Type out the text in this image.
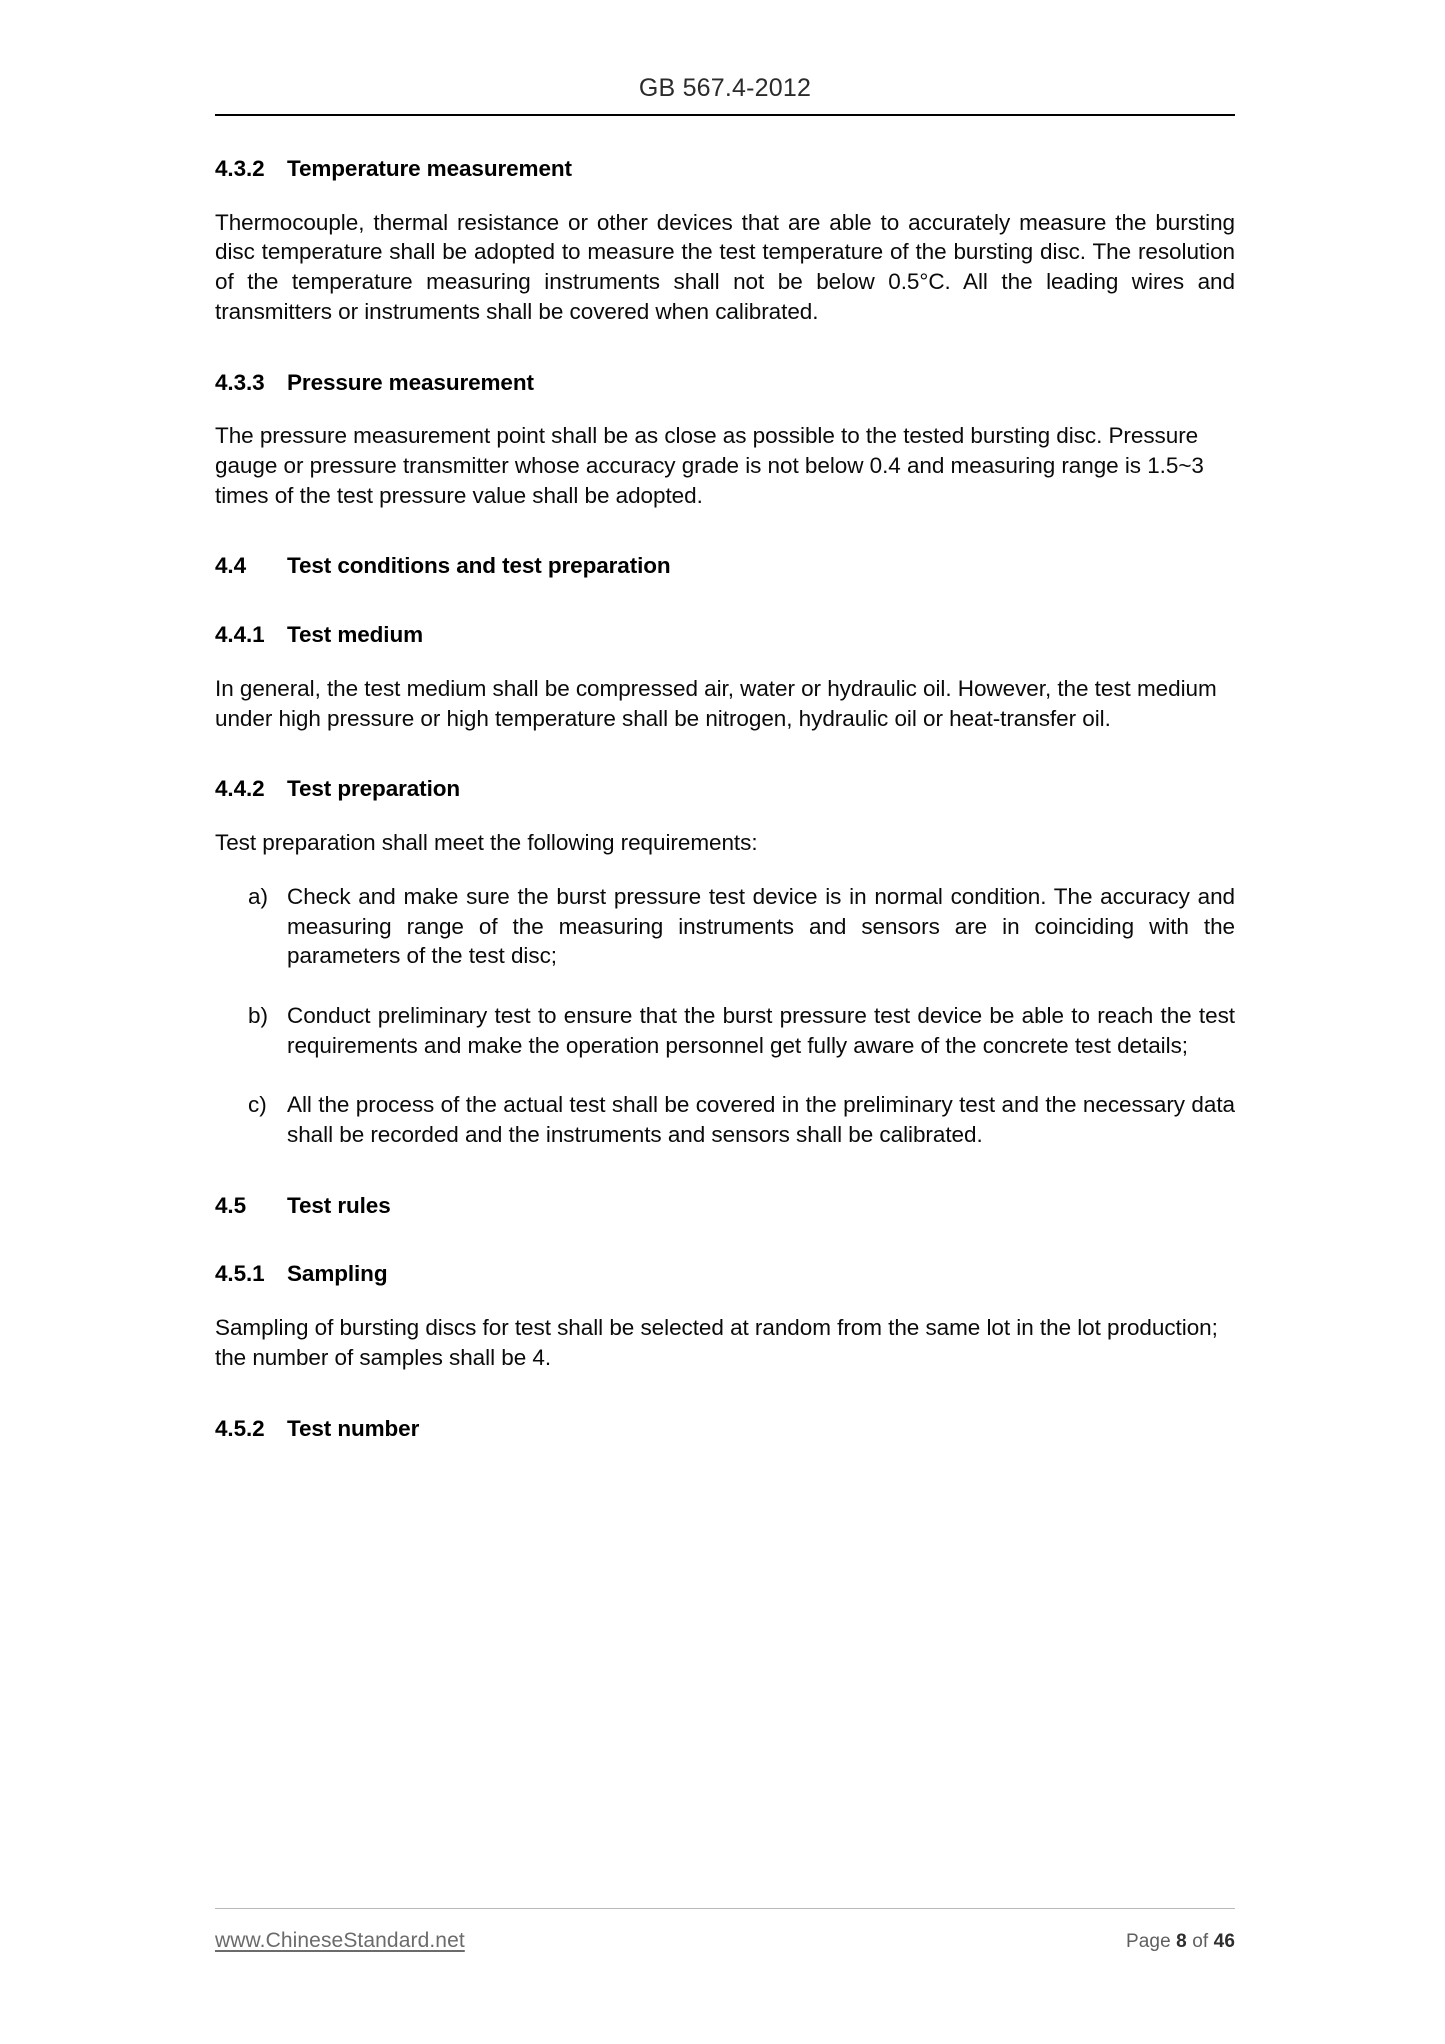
GB 567.4-2012
4.3.2 Temperature measurement

Thermocouple, thermal resistance or other devices that are able to accurately measure the bursting disc temperature shall be adopted to measure the test temperature of the bursting disc. The resolution of the temperature measuring instruments shall not be below 0.5°C. All the leading wires and transmitters or instruments shall be covered when calibrated.

4.3.3 Pressure measurement

The pressure measurement point shall be as close as possible to the tested bursting disc. Pressure gauge or pressure transmitter whose accuracy grade is not below 0.4 and measuring range is 1.5~3 times of the test pressure value shall be adopted.

4.4 Test conditions and test preparation
4.4.1 Test medium

In general, the test medium shall be compressed air, water or hydraulic oil. However, the test medium under high pressure or high temperature shall be nitrogen, hydraulic oil or heat-transfer oil.

4.4.2 Test preparation

Test preparation shall meet the following requirements:

a) Check and make sure the burst pressure test device is in normal condition. The accuracy and measuring range of the measuring instruments and sensors are in coinciding with the parameters of the test disc;
b) Conduct preliminary test to ensure that the burst pressure test device be able to reach the test requirements and make the operation personnel get fully aware of the concrete test details;
c) All the process of the actual test shall be covered in the preliminary test and the necessary data shall be recorded and the instruments and sensors shall be calibrated.
4.5 Test rules
4.5.1 Sampling

Sampling of bursting discs for test shall be selected at random from the same lot in the lot production; the number of samples shall be 4.

4.5.2 Test number
www.ChineseStandard.net	Page 8 of 46
